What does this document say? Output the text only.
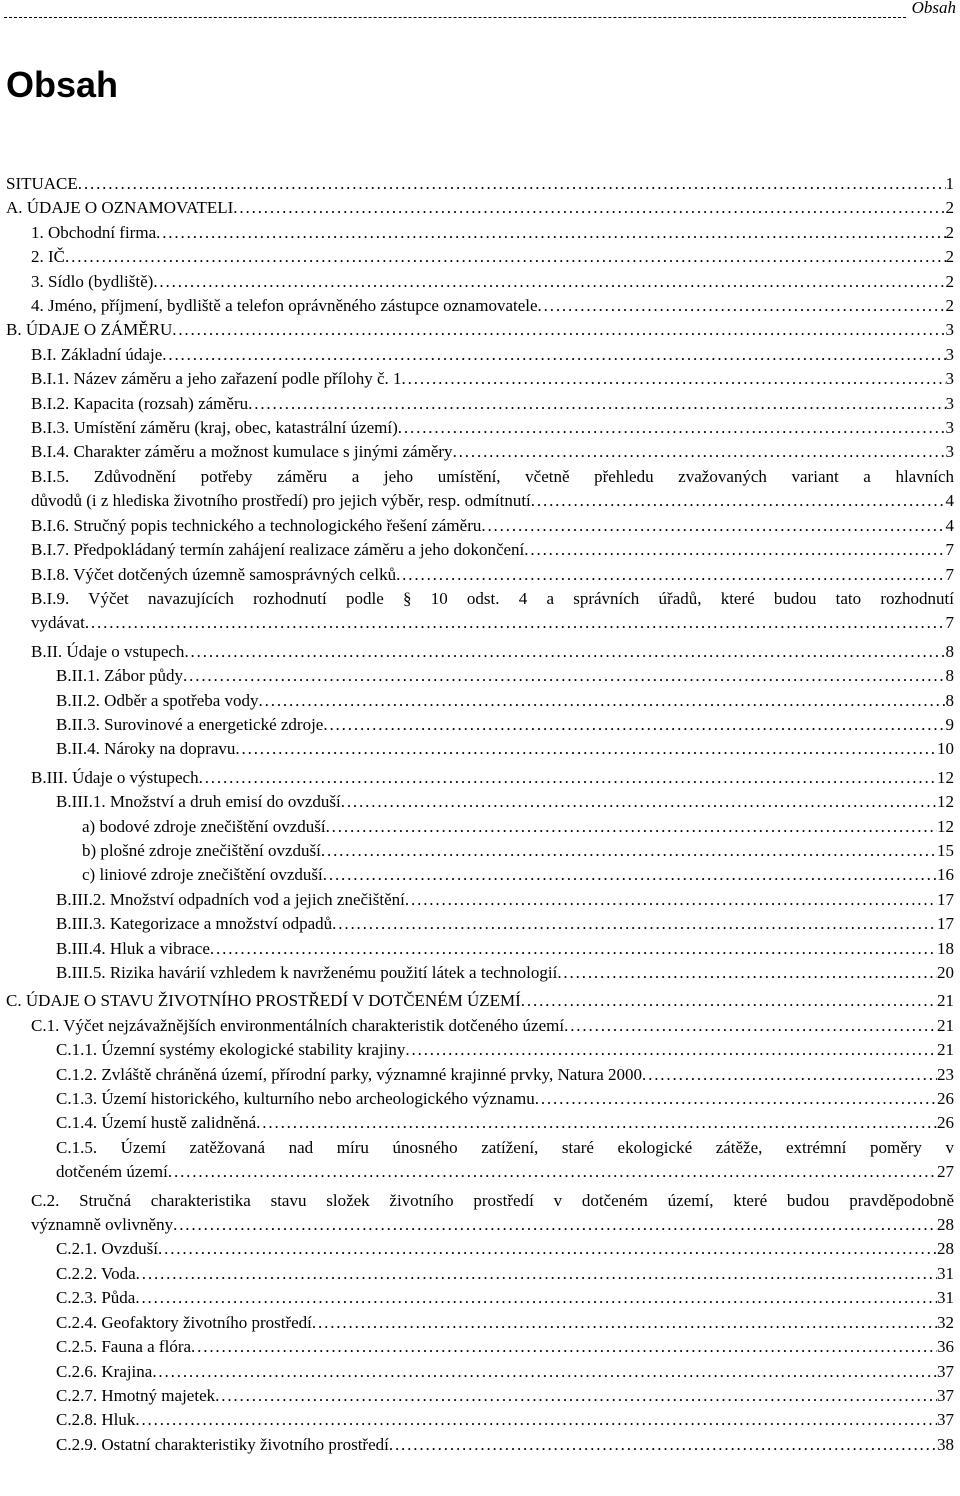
Obsah
Obsah
SITUACE . . .	1
A. ÚDAJE O OZNAMOVATELI . . .	2
1. Obchodní firma . . .	2
2. IČ . . .	2
3. Sídlo (bydliště) . . .	2
4. Jméno, příjmení, bydliště a telefon oprávněného zástupce oznamovatele . . .	2
B. ÚDAJE O ZÁMĚRU . . .	3
B.I. Základní údaje . . .	3
B.I.1. Název záměru a jeho zařazení podle přílohy č. 1 . . .	3
B.I.2. Kapacita (rozsah) záměru . . .	3
B.I.3. Umístění záměru (kraj, obec, katastrální území) . . .	3
B.I.4. Charakter záměru a možnost kumulace s jinými záměry . . .	3
B.I.5. Zdůvodnění potřeby záměru a jeho umístění, včetně přehledu zvažovaných variant a hlavních
důvodů (i z hlediska životního prostředí) pro jejich výběr, resp. odmítnutí . . .	4
B.I.6. Stručný popis technického a technologického řešení záměru . . .	4
B.I.7. Předpokládaný termín zahájení realizace záměru a jeho dokončení . . .	7
B.I.8. Výčet dotčených územně samosprávných celků . . .	7
B.I.9. Výčet navazujících rozhodnutí podle § 10 odst. 4 a správních úřadů, které budou tato rozhodnutí
vydávat . . .	7
B.II. Údaje o vstupech . . .	8
B.II.1. Zábor půdy . . .	8
B.II.2. Odběr a spotřeba vody . . .	8
B.II.3. Surovinové a energetické zdroje . . .	9
B.II.4. Nároky na dopravu . . .	10
B.III. Údaje o výstupech . . .	12
B.III.1. Množství a druh emisí do ovzduší . . .	12
a) bodové zdroje znečištění ovzduší . . .	12
b) plošné zdroje znečištění ovzduší . . .	15
c) liniové zdroje znečištění ovzduší . . .	16
B.III.2. Množství odpadních vod a jejich znečištění . . .	17
B.III.3. Kategorizace a množství odpadů . . .	17
B.III.4. Hluk a vibrace . . .	18
B.III.5. Rizika havárií vzhledem k navrženému použití látek a technologií . . .	20
C. ÚDAJE O STAVU ŽIVOTNÍHO PROSTŘEDÍ V DOTČENÉM ÚZEMÍ . . .	21
C.1. Výčet nejzávažnějších environmentálních charakteristik dotčeného území . . .	21
C.1.1. Územní systémy ekologické stability krajiny . . .	21
C.1.2. Zvláště chráněná území, přírodní parky, významné krajinné prvky, Natura 2000 . . .	23
C.1.3. Území historického, kulturního nebo archeologického významu . . .	26
C.1.4. Území hustě zalidněná . . .	26
C.1.5. Území zatěžovaná nad míru únosného zatížení, staré ekologické zátěže, extrémní poměry v
dotčeném území . . .	27
C.2. Stručná charakteristika stavu složek životního prostředí v dotčeném území, které budou pravděpodobně
významně ovlivněny . . .	28
C.2.1. Ovzduší . . .	28
C.2.2. Voda . . .	31
C.2.3. Půda . . .	31
C.2.4. Geofaktory životního prostředí . . .	32
C.2.5. Fauna a flóra . . .	36
C.2.6. Krajina . . .	37
C.2.7. Hmotný majetek . . .	37
C.2.8. Hluk . . .	37
C.2.9. Ostatní charakteristiky životního prostředí . . .	38
